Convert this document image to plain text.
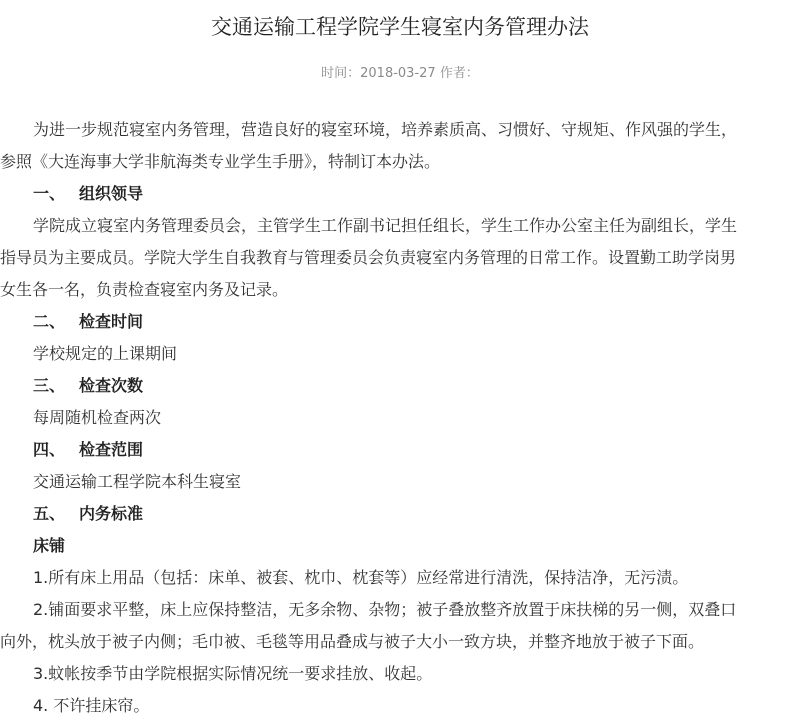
交通运输工程学院学生寝室内务管理办法
时间：2018-03-27 作者：
为进一步规范寝室内务管理，营造良好的寝室环境，培养素质高、习惯好、守规矩、作风强的学生，
参照《大连海事大学非航海类专业学生手册》，特制订本办法。
一、 组织领导
学院成立寝室内务管理委员会，主管学生工作副书记担任组长，学生工作办公室主任为副组长，学生
指导员为主要成员。学院大学生自我教育与管理委员会负责寝室内务管理的日常工作。设置勤工助学岗男
女生各一名，负责检查寝室内务及记录。
二、 检查时间
学校规定的上课期间
三、 检查次数
每周随机检查两次
四、 检查范围
交通运输工程学院本科生寝室
五、 内务标准
床铺
1.所有床上用品（包括：床单、被套、枕巾、枕套等）应经常进行清洗，保持洁净，无污渍。
2.铺面要求平整，床上应保持整洁，无多余物、杂物；被子叠放整齐放置于床扶梯的另一侧，双叠口
向外，枕头放于被子内侧；毛巾被、毛毯等用品叠成与被子大小一致方块，并整齐地放于被子下面。
3.蚊帐按季节由学院根据实际情况统一要求挂放、收起。
4. 不许挂床帘。
